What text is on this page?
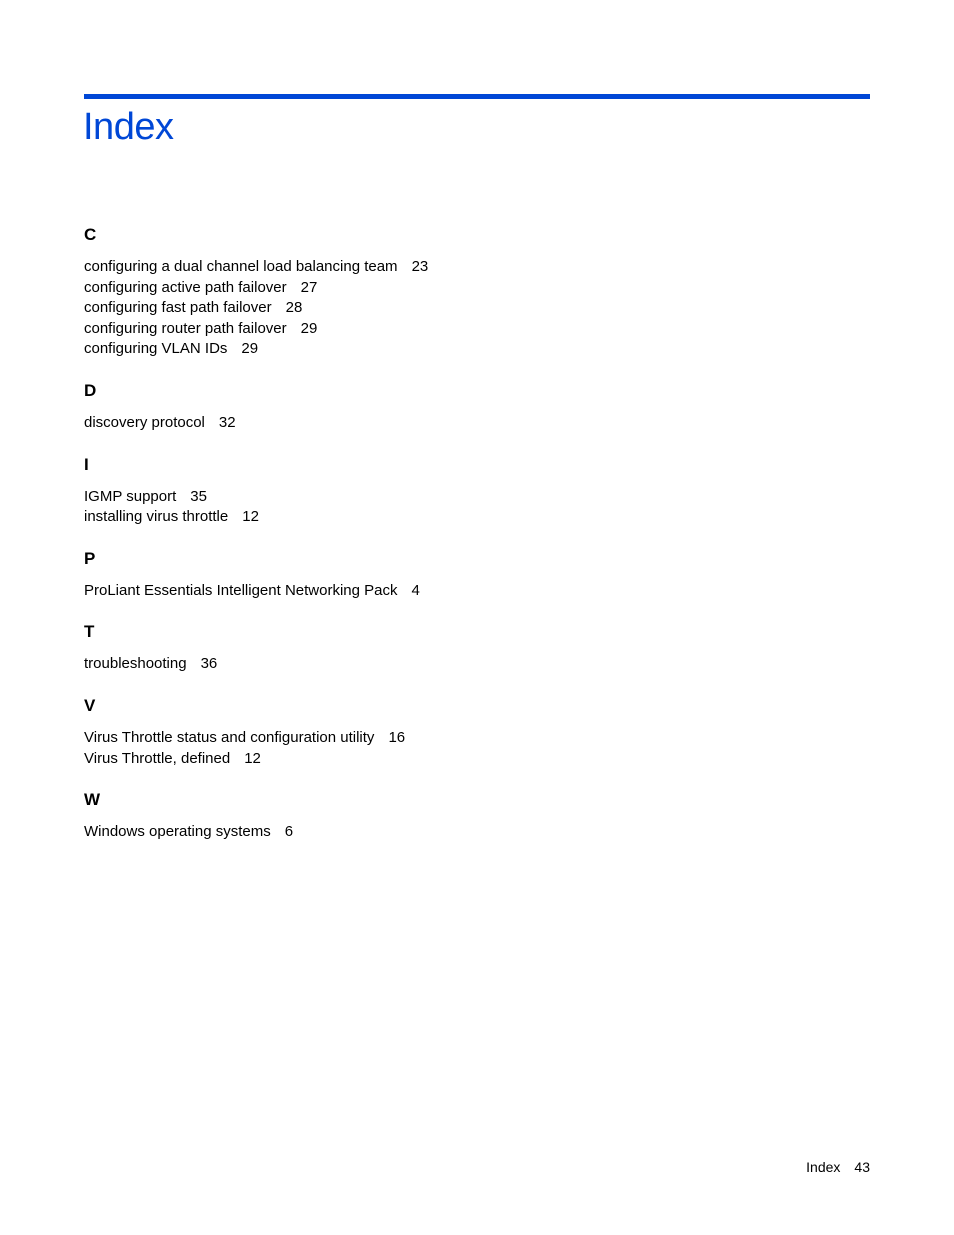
Index
C
configuring a dual channel load balancing team 23
configuring active path failover 27
configuring fast path failover 28
configuring router path failover 29
configuring VLAN IDs 29
D
discovery protocol 32
I
IGMP support 35
installing virus throttle 12
P
ProLiant Essentials Intelligent Networking Pack 4
T
troubleshooting 36
V
Virus Throttle status and configuration utility 16
Virus Throttle, defined 12
W
Windows operating systems 6
Index 43
